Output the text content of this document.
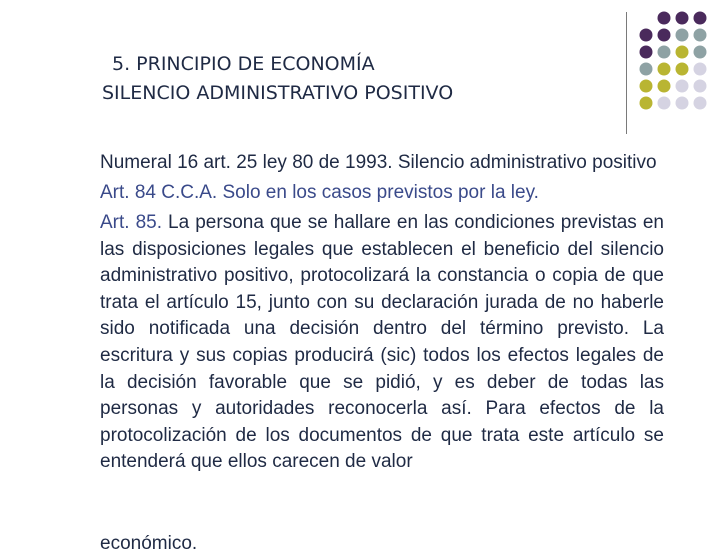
5. PRINCIPIO DE ECONOMÍA
SILENCIO ADMINISTRATIVO POSITIVO

Numeral 16 art. 25 ley 80 de 1993. Silencio administrativo positivo

Art. 84 C.C.A. Solo en los casos previstos por la ley.

Art. 85. La persona que se hallare en las condiciones previstas en las disposiciones legales que establecen el beneficio del silencio administrativo positivo, protocolizará la constancia o copia de que trata el artículo 15, junto con su declaración jurada de no haberle sido notificada una decisión dentro del término previsto. La escritura y sus copias producirá (sic) todos los efectos legales de la decisión favorable que se pidió, y es deber de todas las personas y autoridades reconocerla así. Para efectos de la protocolización de los documentos de que trata este artículo se entenderá que ellos carecen de valor

económico.
